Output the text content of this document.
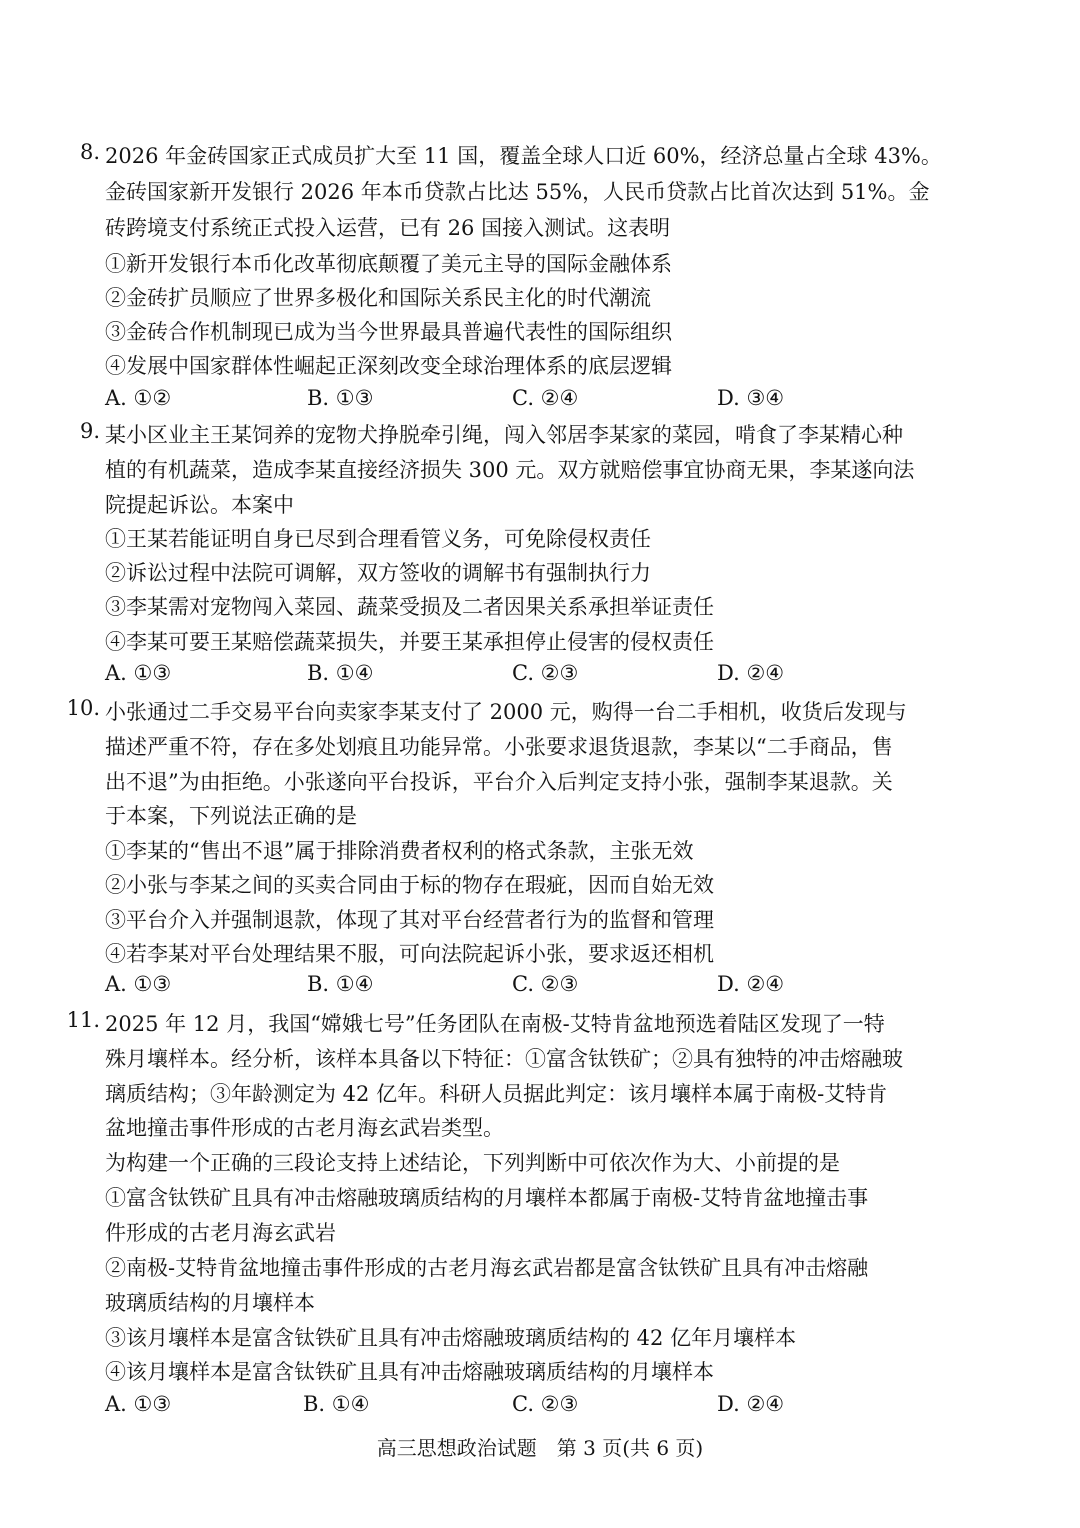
8. 2026 年金砖国家正式成员扩大至 11 国，覆盖全球人口近 60%，经济总量占全球 43%。
金砖国家新开发银行 2026 年本币贷款占比达 55%，人民币贷款占比首次达到 51%。金
砖跨境支付系统正式投入运营，已有 26 国接入测试。这表明
①新开发银行本币化改革彻底颠覆了美元主导的国际金融体系
②金砖扩员顺应了世界多极化和国际关系民主化的时代潮流
③金砖合作机制现已成为当今世界最具普遍代表性的国际组织
④发展中国家群体性崛起正深刻改变全球治理体系的底层逻辑
A. ①②	B. ①③	C. ②④	D. ③④
9. 某小区业主王某饲养的宠物犬挣脱牵引绳，闯入邻居李某家的菜园，啃食了李某精心种
植的有机蔬菜，造成李某直接经济损失 300 元。双方就赔偿事宜协商无果，李某遂向法
院提起诉讼。本案中
①王某若能证明自身已尽到合理看管义务，可免除侵权责任
②诉讼过程中法院可调解，双方签收的调解书有强制执行力
③李某需对宠物闯入菜园、蔬菜受损及二者因果关系承担举证责任
④李某可要王某赔偿蔬菜损失，并要王某承担停止侵害的侵权责任
A. ①③	B. ①④	C. ②③	D. ②④
10. 小张通过二手交易平台向卖家李某支付了 2000 元，购得一台二手相机，收货后发现与
描述严重不符，存在多处划痕且功能异常。小张要求退货退款，李某以“二手商品，售
出不退”为由拒绝。小张遂向平台投诉，平台介入后判定支持小张，强制李某退款。关
于本案，下列说法正确的是
①李某的“售出不退”属于排除消费者权利的格式条款，主张无效
②小张与李某之间的买卖合同由于标的物存在瑕疵，因而自始无效
③平台介入并强制退款，体现了其对平台经营者行为的监督和管理
④若李某对平台处理结果不服，可向法院起诉小张，要求返还相机
A. ①③	B. ①④	C. ②③	D. ②④
11. 2025 年 12 月，我国“嫦娥七号”任务团队在南极-艾特肯盆地预选着陆区发现了一特
殊月壤样本。经分析，该样本具备以下特征：①富含钛铁矿；②具有独特的冲击熔融玻
璃质结构；③年龄测定为 42 亿年。科研人员据此判定：该月壤样本属于南极-艾特肯
盆地撞击事件形成的古老月海玄武岩类型。
为构建一个正确的三段论支持上述结论，下列判断中可依次作为大、小前提的是
①富含钛铁矿且具有冲击熔融玻璃质结构的月壤样本都属于南极-艾特肯盆地撞击事
件形成的古老月海玄武岩
②南极-艾特肯盆地撞击事件形成的古老月海玄武岩都是富含钛铁矿且具有冲击熔融
玻璃质结构的月壤样本
③该月壤样本是富含钛铁矿且具有冲击熔融玻璃质结构的 42 亿年月壤样本
④该月壤样本是富含钛铁矿且具有冲击熔融玻璃质结构的月壤样本
A. ①③	B. ①④	C. ②③	D. ②④
高三思想政治试题　第 3 页(共 6 页)
